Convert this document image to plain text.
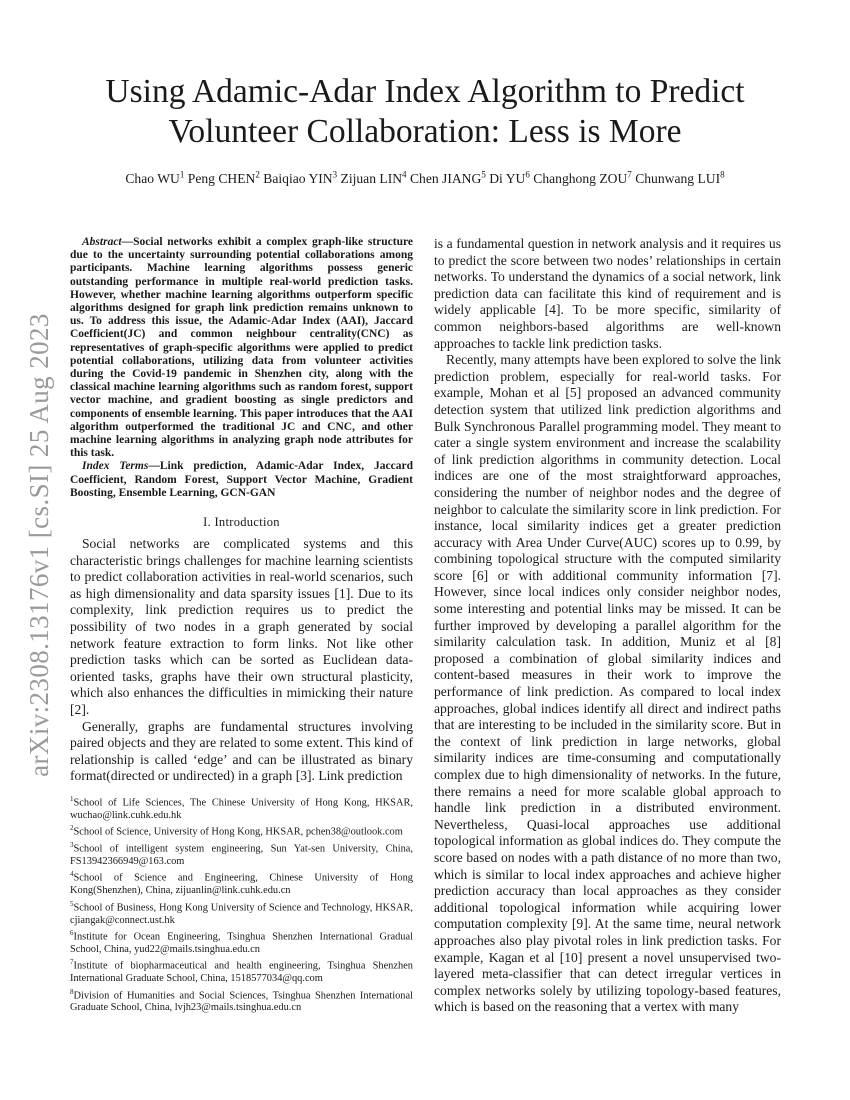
arXiv:2308.13176v1 [cs.SI] 25 Aug 2023
Using Adamic-Adar Index Algorithm to Predict
Volunteer Collaboration: Less is More

Chao $WU^1$ Peng CHEN$^2$ Baiqiao YIN$^3$ Zijuan LIN$^4$ Chen JIANG$^5$ Di $YU^6$ Changhong ZOU$^7$ Chunwang LUI$^8$

Abstract—Social networks exhibit a complex graph-like structure due to the uncertainty surrounding potential collaborations among participants. Machine learning algorithms possess generic outstanding performance in multiple real-world prediction tasks. However, whether machine learning algorithms outperform specific algorithms designed for graph link prediction remains unknown to us. To address this issue, the Adamic-Adar Index (AAI), Jaccard Coefficient(JC) and common neighbour centrality(CNC) as representatives of graph-specific algorithms were applied to predict potential collaborations, utilizing data from volunteer activities during the Covid-19 pandemic in Shenzhen city, along with the classical machine learning algorithms such as random forest, support vector machine, and gradient boosting as single predictors and components of ensemble learning. This paper introduces that the AAI algorithm outperformed the traditional JC and CNC, and other machine learning algorithms in analyzing graph node attributes for this task.

Index Terms—Link prediction, Adamic-Adar Index, Jaccard Coefficient, Random Forest, Support Vector Machine, Gradient Boosting, Ensemble Learning, GCN-GAN

I. Introduction

Social networks are complicated systems and this characteristic brings challenges for machine learning scientists to predict collaboration activities in real-world scenarios, such as high dimensionality and data sparsity issues [1]. Due to its complexity, link prediction requires us to predict the possibility of two nodes in a graph generated by social network feature extraction to form links. Not like other prediction tasks which can be sorted as Euclidean data-oriented tasks, graphs have their own structural plasticity, which also enhances the difficulties in mimicking their nature [2].

Generally, graphs are fundamental structures involving paired objects and they are related to some extent. This kind of relationship is called ‘edge’ and can be illustrated as binary format(directed or undirected) in a graph [3]. Link prediction

$^1$School of Life Sciences, The Chinese University of Hong Kong, HKSAR, wuchao@link.cuhk.edu.hk

$^2$School of Science, University of Hong Kong, HKSAR, pchen38@outlook.com

$^3$School of intelligent system engineering, Sun Yat-sen University, China, FS13942366949@163.com

$^4$School of Science and Engineering, Chinese University of Hong Kong(Shenzhen), China, zijuanlin@link.cuhk.edu.cn

$^5$School of Business, Hong Kong University of Science and Technology, HKSAR, cjiangak@connect.ust.hk

$^6$Institute for Ocean Engineering, Tsinghua Shenzhen International Gradual School, China, yud22@mails.tsinghua.edu.cn

$^7$Institute of biopharmaceutical and health engineering, Tsinghua Shenzhen International Graduate School, China, 1518577034@qq.com

$^8$Division of Humanities and Social Sciences, Tsinghua Shenzhen International Graduate School, China, lvjh23@mails.tsinghua.edu.cn

is a fundamental question in network analysis and it requires us to predict the score between two nodes’ relationships in certain networks. To understand the dynamics of a social network, link prediction data can facilitate this kind of requirement and is widely applicable [4]. To be more specific, similarity of common neighbors-based algorithms are well-known approaches to tackle link prediction tasks.

Recently, many attempts have been explored to solve the link prediction problem, especially for real-world tasks. For example, Mohan et al [5] proposed an advanced community detection system that utilized link prediction algorithms and Bulk Synchronous Parallel programming model. They meant to cater a single system environment and increase the scalability of link prediction algorithms in community detection. Local indices are one of the most straightforward approaches, considering the number of neighbor nodes and the degree of neighbor to calculate the similarity score in link prediction. For instance, local similarity indices get a greater prediction accuracy with Area Under Curve(AUC) scores up to 0.99, by combining topological structure with the computed similarity score [6] or with additional community information [7]. However, since local indices only consider neighbor nodes, some interesting and potential links may be missed. It can be further improved by developing a parallel algorithm for the similarity calculation task. In addition, Muniz et al [8] proposed a combination of global similarity indices and content-based measures in their work to improve the performance of link prediction. As compared to local index approaches, global indices identify all direct and indirect paths that are interesting to be included in the similarity score. But in the context of link prediction in large networks, global similarity indices are time-consuming and computationally complex due to high dimensionality of networks. In the future, there remains a need for more scalable global approach to handle link prediction in a distributed environment. Nevertheless, Quasi-local approaches use additional topological information as global indices do. They compute the score based on nodes with a path distance of no more than two, which is similar to local index approaches and achieve higher prediction accuracy than local approaches as they consider additional topological information while acquiring lower computation complexity [9]. At the same time, neural network approaches also play pivotal roles in link prediction tasks. For example, Kagan et al [10] present a novel unsupervised two-layered meta-classifier that can detect irregular vertices in complex networks solely by utilizing topology-based features, which is based on the reasoning that a vertex with many
